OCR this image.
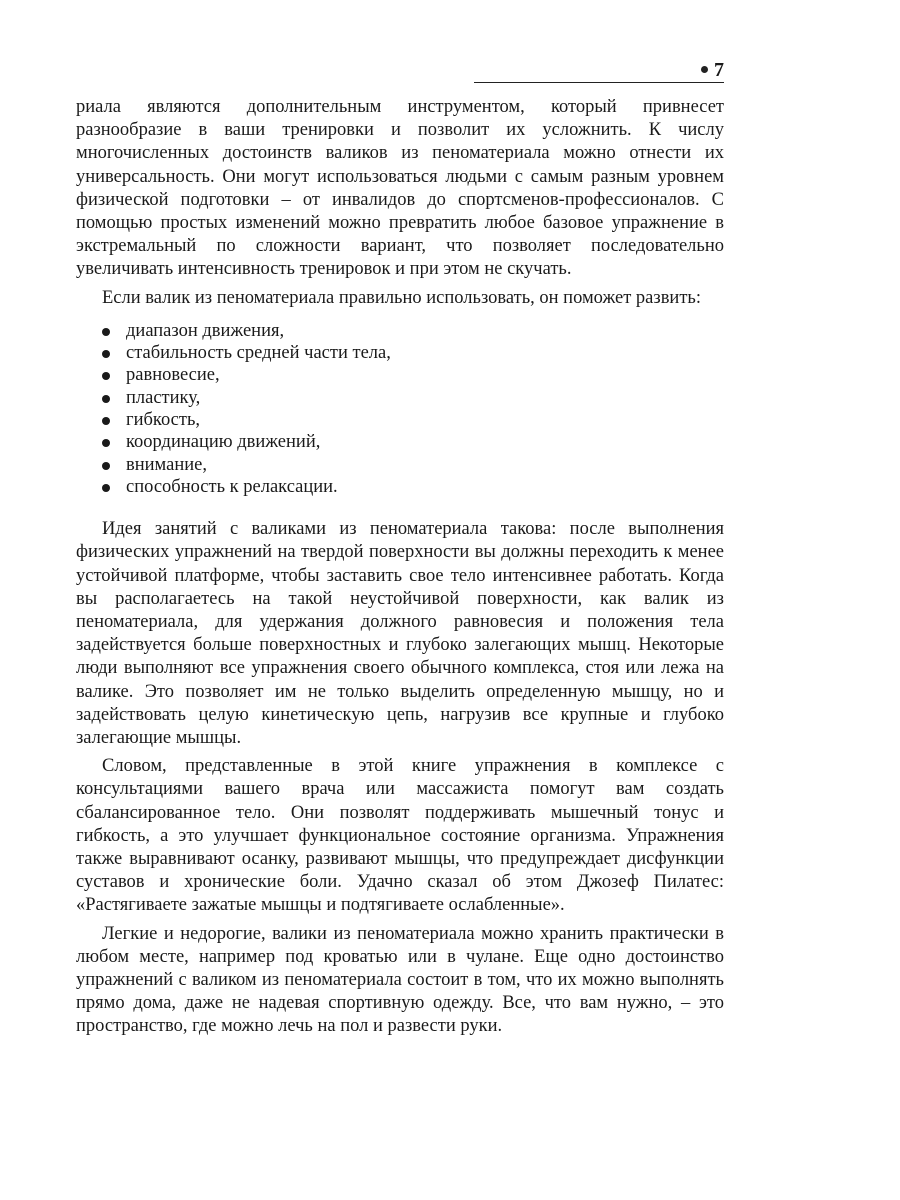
7

риала являются дополнительным инструментом, который привнесет разнообразие в ваши тренировки и позволит их усложнить. К числу многочисленных достоинств валиков из пеноматериала можно отнести их универсальность. Они могут использоваться людьми с самым разным уровнем физической подготовки – от инвалидов до спортсменов-профессионалов. С помощью простых изменений можно превратить любое базовое упражнение в экстремальный по сложности вариант, что позволяет последовательно увеличивать интенсивность тренировок и при этом не скучать.

Если валик из пеноматериала правильно использовать, он поможет развить:

диапазон движения,
стабильность средней части тела,
равновесие,
пластику,
гибкость,
координацию движений,
внимание,
способность к релаксации.

Идея занятий с валиками из пеноматериала такова: после выполнения физических упражнений на твердой поверхности вы должны переходить к менее устойчивой платформе, чтобы заставить свое тело интенсивнее работать. Когда вы располагаетесь на такой неустойчивой поверхности, как валик из пеноматериала, для удержания должного равновесия и положения тела задействуется больше поверхностных и глубоко залегающих мышц. Некоторые люди выполняют все упражнения своего обычного комплекса, стоя или лежа на валике. Это позволяет им не только выделить определенную мышцу, но и задействовать целую кинетическую цепь, нагрузив все крупные и глубоко залегающие мышцы.

Словом, представленные в этой книге упражнения в комплексе с консультациями вашего врача или массажиста помогут вам создать сбалансированное тело. Они позволят поддерживать мышечный тонус и гибкость, а это улучшает функциональное состояние организма. Упражнения также выравнивают осанку, развивают мышцы, что предупреждает дисфункции суставов и хронические боли. Удачно сказал об этом Джозеф Пилатес: «Растягиваете зажатые мышцы и подтягиваете ослабленные».

Легкие и недорогие, валики из пеноматериала можно хранить практически в любом месте, например под кроватью или в чулане. Еще одно достоинство упражнений с валиком из пеноматериала состоит в том, что их можно выполнять прямо дома, даже не надевая спортивную одежду. Все, что вам нужно, – это пространство, где можно лечь на пол и развести руки.
